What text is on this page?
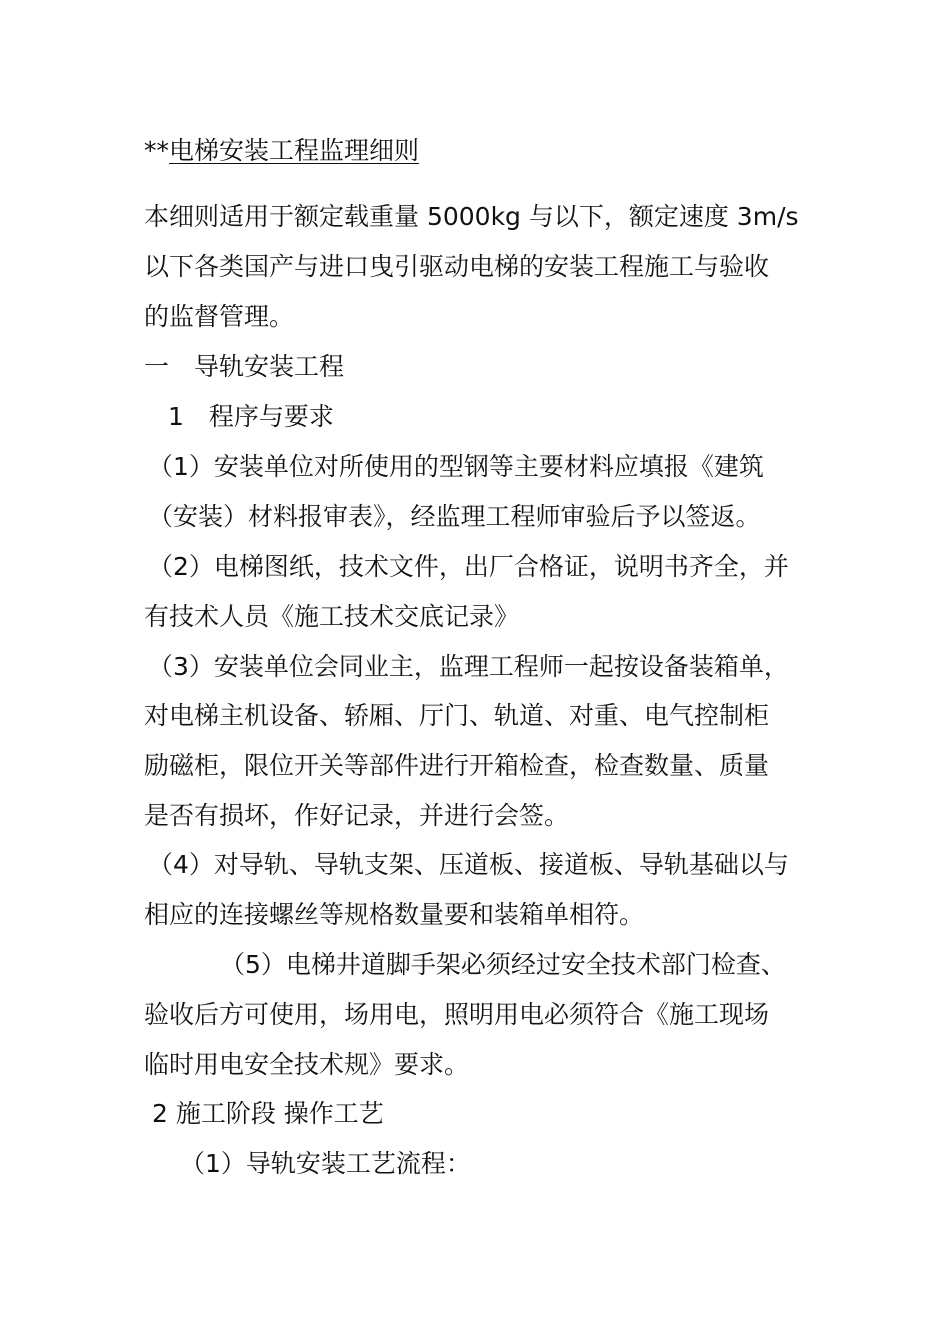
**电梯安装工程监理细则
本细则适用于额定载重量 5000kg 与以下，额定速度 3m/s
以下各类国产与进口曳引驱动电梯的安装工程施工与验收
的监督管理。
一　导轨安装工程
1　程序与要求
（1）安装单位对所使用的型钢等主要材料应填报《建筑
（安装）材料报审表》，经监理工程师审验后予以签返。
（2）电梯图纸，技术文件，出厂合格证，说明书齐全，并
有技术人员《施工技术交底记录》
（3）安装单位会同业主，监理工程师一起按设备装箱单，
对电梯主机设备、轿厢、厅门、轨道、对重、电气控制柜
励磁柜，限位开关等部件进行开箱检查，检查数量、质量
是否有损坏，作好记录，并进行会签。
（4）对导轨、导轨支架、压道板、接道板、导轨基础以与
相应的连接螺丝等规格数量要和装箱单相符。
（5）电梯井道脚手架必须经过安全技术部门检查、
验收后方可使用，场用电，照明用电必须符合《施工现场
临时用电安全技术规》要求。
2 施工阶段 操作工艺
（1）导轨安装工艺流程：
